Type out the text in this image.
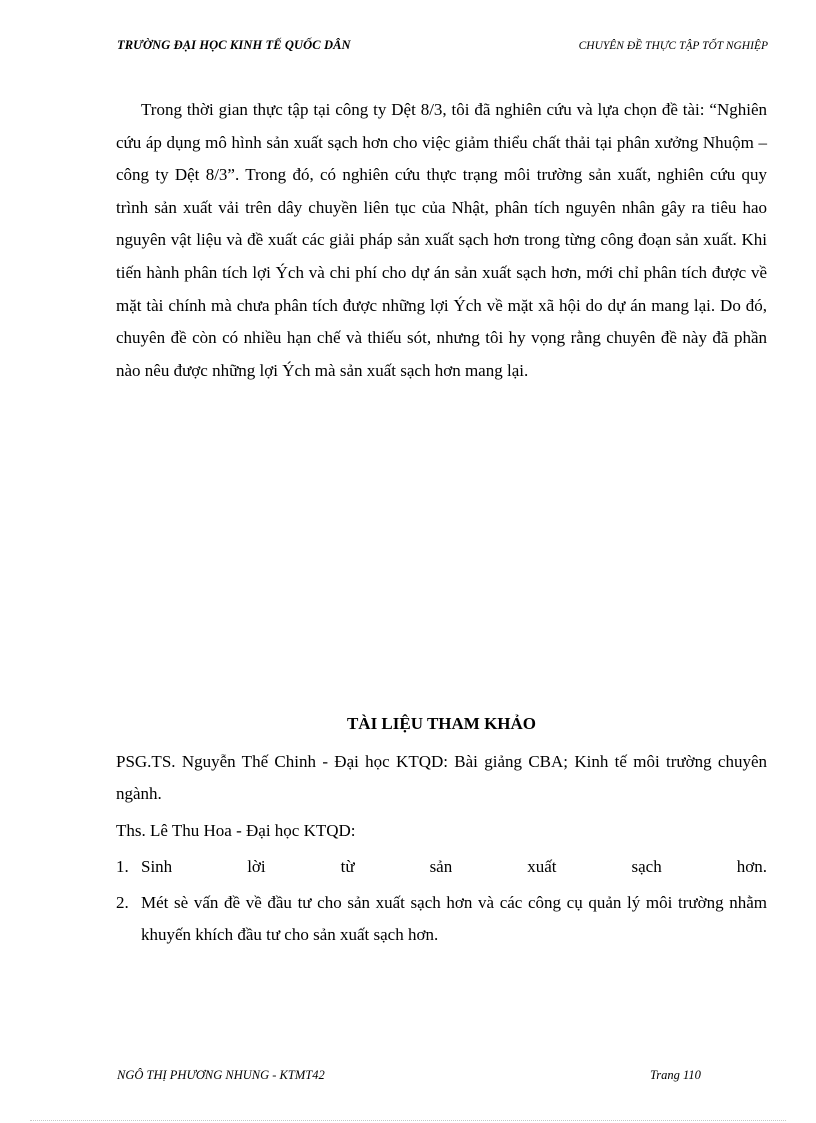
TRƯỜNG ĐẠI HỌC KINH TẾ QUỐC DÂN	CHUYÊN ĐỀ THỰC TẬP TỐT NGHIỆP

Trong thời gian thực tập tại công ty Dệt 8/3, tôi đã nghiên cứu và lựa chọn đề tài: “Nghiên cứu áp dụng mô hình sản xuất sạch hơn cho việc giảm thiểu chất thải tại phân xưởng Nhuộm – công ty Dệt 8/3”. Trong đó, có nghiên cứu thực trạng môi trường sản xuất, nghiên cứu quy trình sản xuất vải trên dây chuyền liên tục của Nhật, phân tích nguyên nhân gây ra tiêu hao nguyên vật liệu và đề xuất các giải pháp sản xuất sạch hơn trong từng công đoạn sản xuất. Khi tiến hành phân tích lợi Ých và chi phí cho dự án sản xuất sạch hơn, mới chỉ phân tích được về mặt tài chính mà chưa phân tích được những lợi Ých về mặt xã hội do dự án mang lại. Do đó, chuyên đề còn có nhiều hạn chế và thiếu sót, nhưng tôi hy vọng rằng chuyên đề này đã phần nào nêu được những lợi Ých mà sản xuất sạch hơn mang lại.

TÀI LIỆU THAM KHẢO

PSG.TS. Nguyễn Thế Chinh - Đại học KTQD: Bài giảng CBA; Kinh tế môi trường chuyên ngành.

Ths. Lê Thu Hoa - Đại học KTQD:

1. Sinh	lời	từ	sản	xuất	sạch	hơn.
2. Mét sè vấn đề về đầu tư cho sản xuất sạch hơn và các công cụ quản lý môi trường nhằm khuyến khích đầu tư cho sản xuất sạch hơn.
NGÔ THỊ PHƯƠNG NHUNG - KTMT42	Trang 110
